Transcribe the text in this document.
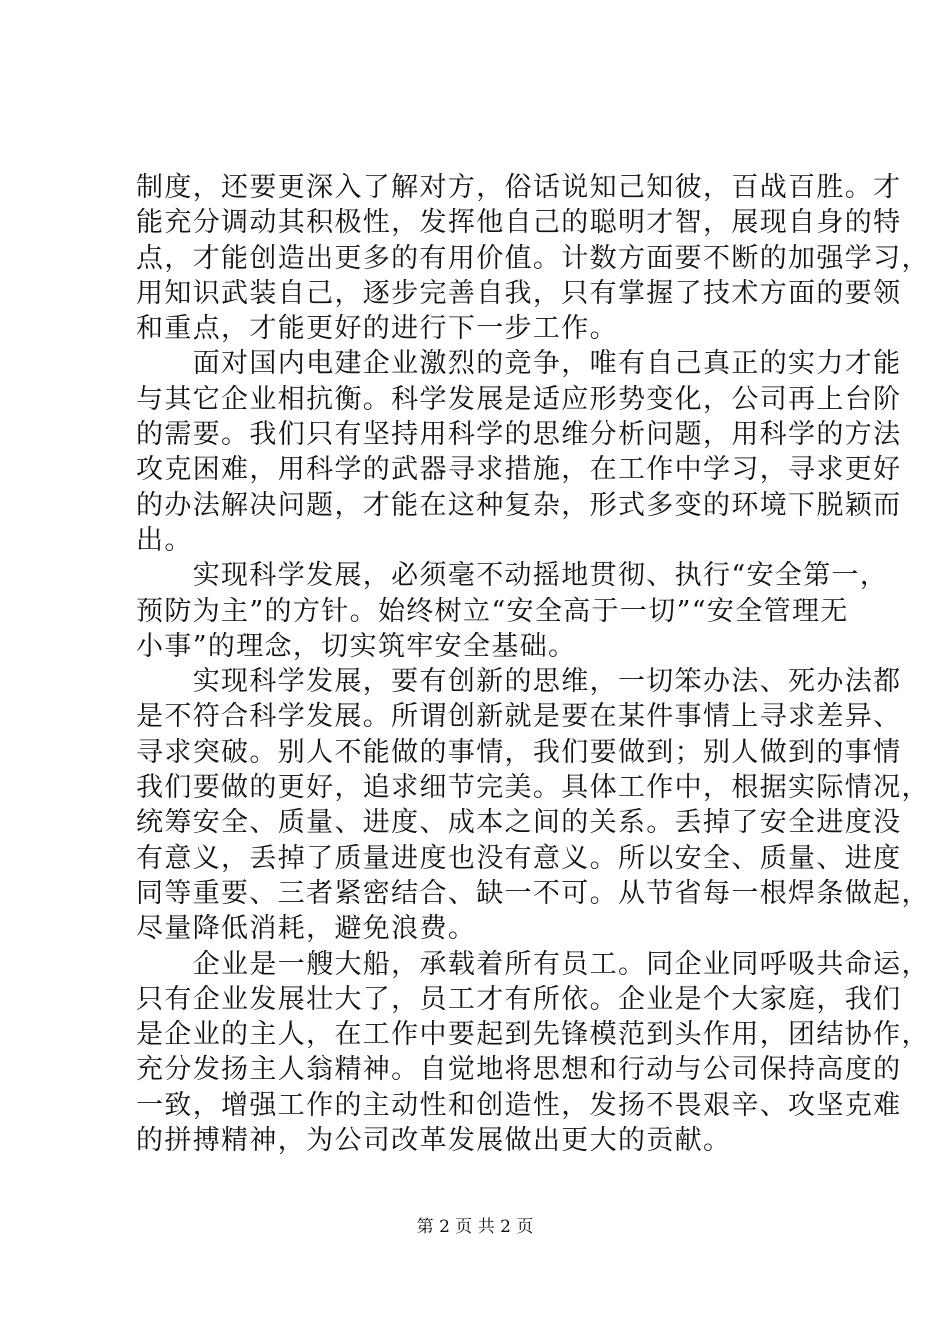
制度，还要更深入了解对方，俗话说知己知彼，百战百胜。才
能充分调动其积极性，发挥他自己的聪明才智，展现自身的特
点，才能创造出更多的有用价值。计数方面要不断的加强学习，
用知识武装自己，逐步完善自我，只有掌握了技术方面的要领
和重点，才能更好的进行下一步工作。
　　面对国内电建企业激烈的竞争，唯有自己真正的实力才能
与其它企业相抗衡。科学发展是适应形势变化，公司再上台阶
的需要。我们只有坚持用科学的思维分析问题，用科学的方法
攻克困难，用科学的武器寻求措施，在工作中学习，寻求更好
的办法解决问题，才能在这种复杂，形式多变的环境下脱颖而
出。
　　实现科学发展，必须毫不动摇地贯彻、执行“安全第一，
预防为主”的方针。始终树立“安全高于一切”“安全管理无
小事”的理念，切实筑牢安全基础。
　　实现科学发展，要有创新的思维，一切笨办法、死办法都
是不符合科学发展。所谓创新就是要在某件事情上寻求差异、
寻求突破。别人不能做的事情，我们要做到；别人做到的事情
我们要做的更好，追求细节完美。具体工作中，根据实际情况，
统筹安全、质量、进度、成本之间的关系。丢掉了安全进度没
有意义，丢掉了质量进度也没有意义。所以安全、质量、进度
同等重要、三者紧密结合、缺一不可。从节省每一根焊条做起，
尽量降低消耗，避免浪费。
　　企业是一艘大船，承载着所有员工。同企业同呼吸共命运，
只有企业发展壮大了，员工才有所依。企业是个大家庭，我们
是企业的主人，在工作中要起到先锋模范到头作用，团结协作，
充分发扬主人翁精神。自觉地将思想和行动与公司保持高度的
一致，增强工作的主动性和创造性，发扬不畏艰辛、攻坚克难
的拼搏精神，为公司改革发展做出更大的贡献。
第 2 页 共 2 页
